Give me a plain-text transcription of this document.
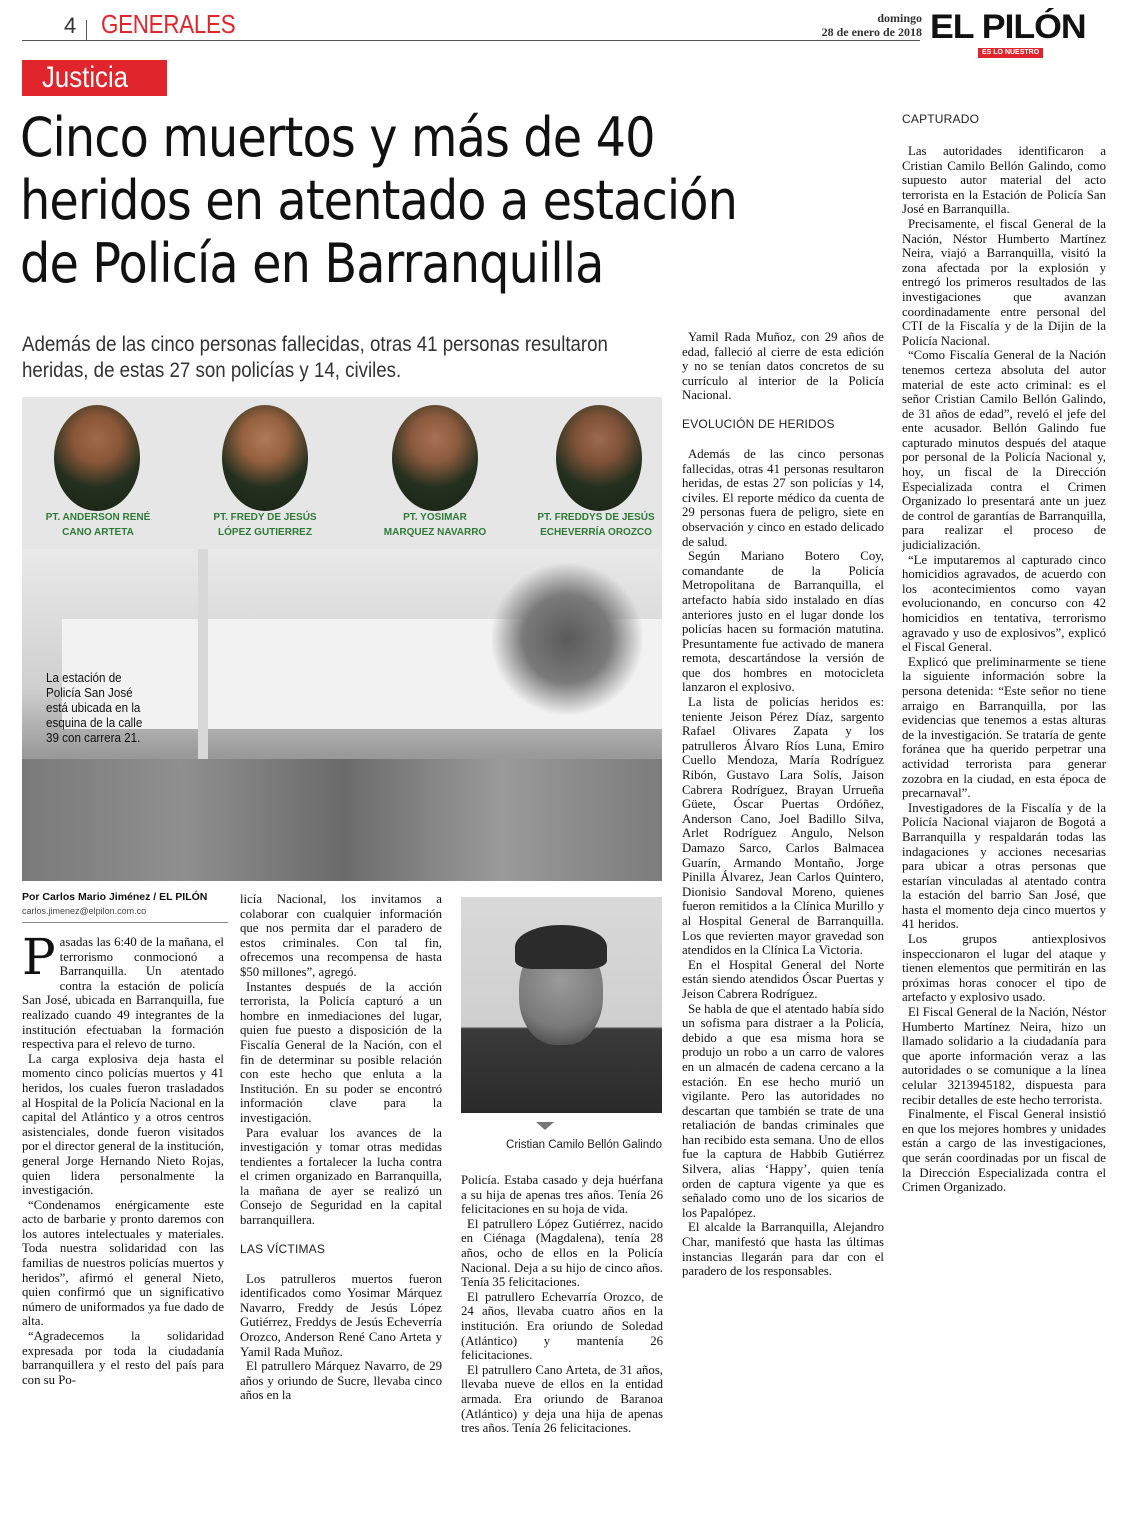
4 GENERALES	domingo
28 de enero de 2018 EL PILÓN
ES LO NUESTRO
Justicia
Cinco muertos y más de 40 heridos en atentado a estación de Policía en Barranquilla
Además de las cinco personas fallecidas, otras 41 personas resultaron heridas, de estas 27 son policías y 14, civiles.
PT. ANDERSON RENÉ
CANO ARTETA
PT. FREDY DE JESÚS
LÓPEZ GUTIERREZ
PT. YOSIMAR
MARQUEZ NAVARRO
PT. FREDDYS DE JESÚS
ECHEVERRÍA OROZCO
La estación de Policía San José está ubicada en la esquina de la calle 39 con carrera 21.
Por Carlos Mario Jiménez / EL PILÓN
carlos.jimenez@elpilon.com.co
P asadas las 6:40 de la mañana, el terrorismo conmocionó a Barranquilla. Un atentado contra la estación de policía San José, ubicada en Barranquilla, fue realizado cuando 49 integrantes de la institución efectuaban la formación respectiva para el relevo de turno.

La carga explosiva deja hasta el momento cinco policías muertos y 41 heridos, los cuales fueron trasladados al Hospital de la Policía Nacional en la capital del Atlántico y a otros centros asistenciales, donde fueron visitados por el director general de la institución, general Jorge Hernando Nieto Rojas, quien lidera personalmente la investigación.

“Condenamos enérgicamente este acto de barbarie y pronto daremos con los autores intelectuales y materiales. Toda nuestra solidaridad con las familias de nuestros policías muertos y heridos”, afirmó el general Nieto, quien confirmó que un significativo número de uniformados ya fue dado de alta.

“Agradecemos la solidaridad expresada por toda la ciudadanía barranquillera y el resto del país para con su Po-

licía Nacional, los invitamos a colaborar con cualquier información que nos permita dar el paradero de estos criminales. Con tal fin, ofrecemos una recompensa de hasta $50 millones”, agregó.

Instantes después de la acción terrorista, la Policía capturó a un hombre en inmediaciones del lugar, quien fue puesto a disposición de la Fiscalía General de la Nación, con el fin de determinar su posible relación con este hecho que enluta a la Institución. En su poder se encontró información clave para la investigación.

Para evaluar los avances de la investigación y tomar otras medidas tendientes a fortalecer la lucha contra el crimen organizado en Barranquilla, la mañana de ayer se realizó un Consejo de Seguridad en la capital barranquillera.

LAS VÍCTIMAS

Los patrulleros muertos fueron identificados como Yosimar Márquez Navarro, Freddy de Jesús López Gutiérrez, Freddys de Jesús Echeverría Orozco, Anderson René Cano Arteta y Yamil Rada Muñoz.

El patrullero Márquez Navarro, de 29 años y oriundo de Sucre, llevaba cinco años en la

Cristian Camilo Bellón Galindo

Policía. Estaba casado y deja huérfana a su hija de apenas tres años. Tenía 26 felicitaciones en su hoja de vida.

El patrullero López Gutiérrez, nacido en Ciénaga (Magdalena), tenía 28 años, ocho de ellos en la Policía Nacional. Deja a su hijo de cinco años. Tenía 35 felicitaciones.

El patrullero Echevarría Orozco, de 24 años, llevaba cuatro años en la institución. Era oriundo de Soledad (Atlántico) y mantenía 26 felicitaciones.

El patrullero Cano Arteta, de 31 años, llevaba nueve de ellos en la entidad armada. Era oriundo de Baranoa (Atlántico) y deja una hija de apenas tres años. Tenía 26 felicitaciones.

Yamil Rada Muñoz, con 29 años de edad, falleció al cierre de esta edición y no se tenían datos concretos de su currículo al interior de la Policía Nacional.

EVOLUCIÓN DE HERIDOS

Además de las cinco personas fallecidas, otras 41 personas resultaron heridas, de estas 27 son policías y 14, civiles. El reporte médico da cuenta de 29 personas fuera de peligro, siete en observación y cinco en estado delicado de salud.

Según Mariano Botero Coy, comandante de la Policía Metropolitana de Barranquilla, el artefacto había sido instalado en días anteriores justo en el lugar donde los policías hacen su formación matutina. Presuntamente fue activado de manera remota, descartándose la versión de que dos hombres en motocicleta lanzaron el explosivo.

La lista de policías heridos es: teniente Jeison Pérez Díaz, sargento Rafael Olivares Zapata y los patrulleros Álvaro Ríos Luna, Emiro Cuello Mendoza, María Rodríguez Ribón, Gustavo Lara Solís, Jaison Cabrera Rodríguez, Brayan Urrueña Güete, Óscar Puertas Ordóñez, Anderson Cano, Joel Badillo Silva, Arlet Rodríguez Angulo, Nelson Damazo Sarco, Carlos Balmacea Guarín, Armando Montaño, Jorge Pinilla Álvarez, Jean Carlos Quintero, Dionisio Sandoval Moreno, quienes fueron remitidos a la Clínica Murillo y al Hospital General de Barranquilla. Los que revierten mayor gravedad son atendidos en la Clínica La Victoria.

En el Hospital General del Norte están siendo atendidos Óscar Puertas y Jeison Cabrera Rodríguez.

Se habla de que el atentado había sido un sofisma para distraer a la Policía, debido a que esa misma hora se produjo un robo a un carro de valores en un almacén de cadena cercano a la estación. En ese hecho murió un vigilante. Pero las autoridades no descartan que también se trate de una retaliación de bandas criminales que han recibido esta semana. Uno de ellos fue la captura de Habbib Gutiérrez Silvera, alias ‘Happy’, quien tenía orden de captura vigente ya que es señalado como uno de los sicarios de los Papalópez.

El alcalde la Barranquilla, Alejandro Char, manifestó que hasta las últimas instancias llegarán para dar con el paradero de los responsables.

CAPTURADO

Las autoridades identificaron a Cristian Camilo Bellón Galindo, como supuesto autor material del acto terrorista en la Estación de Policía San José en Barranquilla.

Precisamente, el fiscal General de la Nación, Néstor Humberto Martínez Neira, viajó a Barranquilla, visitó la zona afectada por la explosión y entregó los primeros resultados de las investigaciones que avanzan coordinadamente entre personal del CTI de la Fiscalía y de la Dijin de la Policía Nacional.

“Como Fiscalía General de la Nación tenemos certeza absoluta del autor material de este acto criminal: es el señor Cristian Camilo Bellón Galindo, de 31 años de edad”, reveló el jefe del ente acusador. Bellón Galindo fue capturado minutos después del ataque por personal de la Policía Nacional y, hoy, un fiscal de la Dirección Especializada contra el Crimen Organizado lo presentará ante un juez de control de garantías de Barranquilla, para realizar el proceso de judicialización.

“Le imputaremos al capturado cinco homicidios agravados, de acuerdo con los acontecimientos como vayan evolucionando, en concurso con 42 homicidios en tentativa, terrorismo agravado y uso de explosivos”, explicó el Fiscal General.

Explicó que preliminarmente se tiene la siguiente información sobre la persona detenida: “Este señor no tiene arraigo en Barranquilla, por las evidencias que tenemos a estas alturas de la investigación. Se trataría de gente foránea que ha querido perpetrar una actividad terrorista para generar zozobra en la ciudad, en esta época de precarnaval”.

Investigadores de la Fiscalía y de la Policía Nacional viajaron de Bogotá a Barranquilla y respaldarán todas las indagaciones y acciones necesarias para ubicar a otras personas que estarían vinculadas al atentado contra la estación del barrio San José, que hasta el momento deja cinco muertos y 41 heridos.

Los grupos antiexplosivos inspeccionaron el lugar del ataque y tienen elementos que permitirán en las próximas horas conocer el tipo de artefacto y explosivo usado.

El Fiscal General de la Nación, Néstor Humberto Martínez Neira, hizo un llamado solidario a la ciudadanía para que aporte información veraz a las autoridades o se comunique a la línea celular 3213945182, dispuesta para recibir detalles de este hecho terrorista.

Finalmente, el Fiscal General insistió en que los mejores hombres y unidades están a cargo de las investigaciones, que serán coordinadas por un fiscal de la Dirección Especializada contra el Crimen Organizado.
